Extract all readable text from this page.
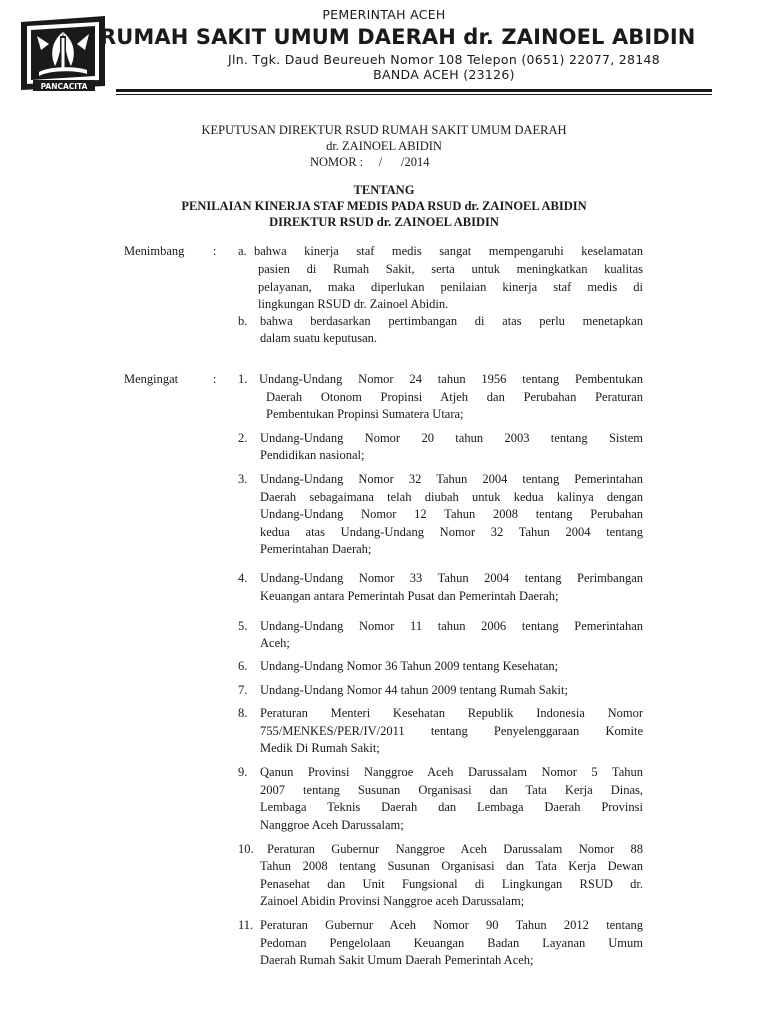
PANCACITA
PEMERINTAH ACEH
RUMAH SAKIT UMUM DAERAH dr. ZAINOEL ABIDIN
Jln. Tgk. Daud Beureueh Nomor 108 Telepon (0651) 22077, 28148
BANDA ACEH (23126)
KEPUTUSAN DIREKTUR RSUD RUMAH SAKIT UMUM DAERAH
dr. ZAINOEL ABIDIN
NOMOR :     /      /2014
TENTANG
PENILAIAN KINERJA STAF MEDIS PADA RSUD dr. ZAINOEL ABIDIN
DIREKTUR RSUD dr. ZAINOEL ABIDIN
Menimbang : a. bahwa kinerja staf medis sangat mempengaruhi keselamatan
pasien di Rumah Sakit, serta untuk meningkatkan kualitas
pelayanan, maka diperlukan penilaian kinerja staf medis di
lingkungan RSUD dr. Zainoel Abidin.
b. bahwa berdasarkan pertimbangan di atas perlu menetapkan
dalam suatu keputusan.
Mengingat	: 1. Undang-Undang Nomor 24 tahun 1956 tentang Pembentukan
Daerah Otonom Propinsi Atjeh dan Perubahan Peraturan
Pembentukan Propinsi Sumatera Utara;
2. Undang-Undang Nomor 20 tahun 2003 tentang Sistem
Pendidikan nasional;
3. Undang-Undang Nomor 32 Tahun 2004 tentang Pemerintahan
Daerah sebagaimana telah diubah untuk kedua kalinya dengan
Undang-Undang Nomor 12 Tahun 2008 tentang Perubahan
kedua atas Undang-Undang Nomor 32 Tahun 2004 tentang
Pemerintahan Daerah;
4. Undang-Undang Nomor 33 Tahun 2004 tentang Perimbangan
Keuangan antara Pemerintah Pusat dan Pemerintah Daerah;
5. Undang-Undang Nomor 11 tahun 2006 tentang Pemerintahan
Aceh;
6. Undang-Undang Nomor 36 Tahun 2009 tentang Kesehatan;
7. Undang-Undang Nomor 44 tahun 2009 tentang Rumah Sakit;
8. Peraturan Menteri Kesehatan Republik Indonesia Nomor
755/MENKES/PER/IV/2011 tentang Penyelenggaraan Komite
Medik Di Rumah Sakit;
9. Qanun Provinsi Nanggroe Aceh Darussalam Nomor 5 Tahun
2007 tentang Susunan Organisasi dan Tata Kerja Dinas,
Lembaga Teknis Daerah dan Lembaga Daerah Provinsi
Nanggroe Aceh Darussalam;
10. Peraturan Gubernur Nanggroe Aceh Darussalam Nomor 88
Tahun 2008 tentang Susunan Organisasi dan Tata Kerja Dewan
Penasehat dan Unit Fungsional di Lingkungan RSUD dr.
Zainoel Abidin Provinsi Nanggroe aceh Darussalam;
11. Peraturan Gubernur Aceh Nomor 90 Tahun 2012 tentang
Pedoman Pengelolaan Keuangan Badan Layanan Umum
Daerah Rumah Sakit Umum Daerah Pemerintah Aceh;
